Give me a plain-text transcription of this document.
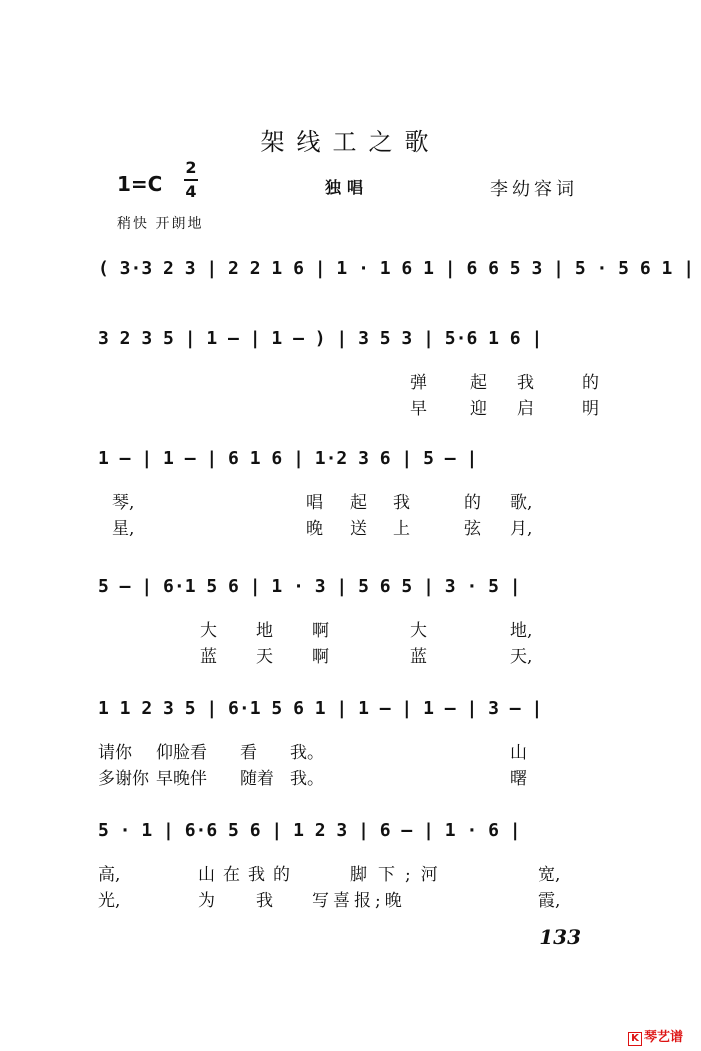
架线工之歌
1=C
2
4	独唱	李幼容词
稍快 开朗地
( 3·3 2 3 | 2 2 1 6 | 1 · 1 6 1 | 6 6 5 3 | 5 · 5 6 1 |
3 2 3 5 | 1 — | 1 — ) | 3 5 3 | 5·6 1 6 |
弹	起我 的
早	迎启 明
1 — | 1 — | 6 1 6 | 1·2 3 6 | 5 — |
琴,	唱 起我 的 歌,
星,	晚 送上 弦 月,
5 — | 6·1 5 6 | 1 · 3 | 5 6 5 | 3 · 5 |
大 地 啊	大	地,
蓝 天 啊	蓝	天,
1 1 2 3 5 | 6·1 5 6 1 | 1 — | 1 — | 3 — |
请你 仰脸看 看 我。	山
多谢你 早晚伴 随着 我。	曙
5 · 1 | 6·6 5 6 | 1 2 3 | 6 — | 1 · 6 |
高,	山在我的	脚 下;河	宽,
光,	为 我 写喜报;晚	霞,
133
K 琴艺谱
